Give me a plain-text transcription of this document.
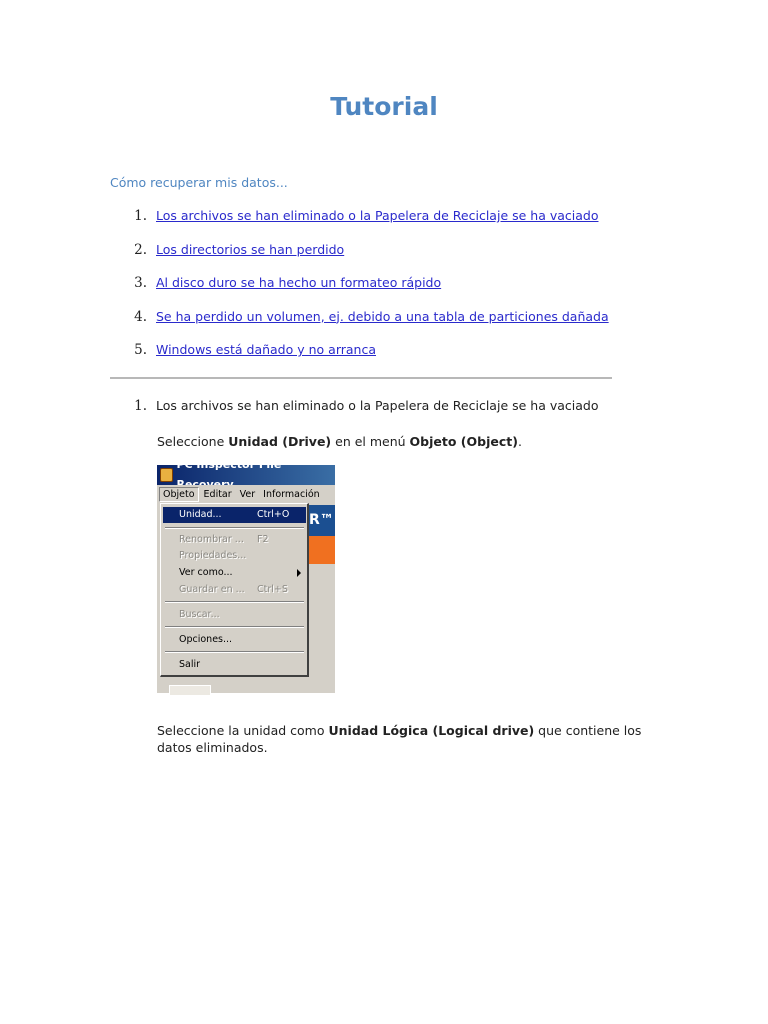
Tutorial
Cómo recuperar mis datos...
1. Los archivos se han eliminado o la Papelera de Reciclaje se ha vaciado
2. Los directorios se han perdido
3. Al disco duro se ha hecho un formateo rápido
4. Se ha perdido un volumen, ej. debido a una tabla de particiones dañada
5. Windows está dañado y no arranca
1. Los archivos se han eliminado o la Papelera de Reciclaje se ha vaciado
Seleccione Unidad (Drive) en el menú Objeto (Object).
PC Inspector File
Objeto Editar Ver Información
R™
Unidad...	Ctrl+O
Renombrar ... F2
Propiedades...
Ver como...
Guardar en ... Ctrl+S
Buscar...
Opciones...
Salir
Seleccione la unidad como Unidad Lógica (Logical drive) que contiene los datos eliminados.
